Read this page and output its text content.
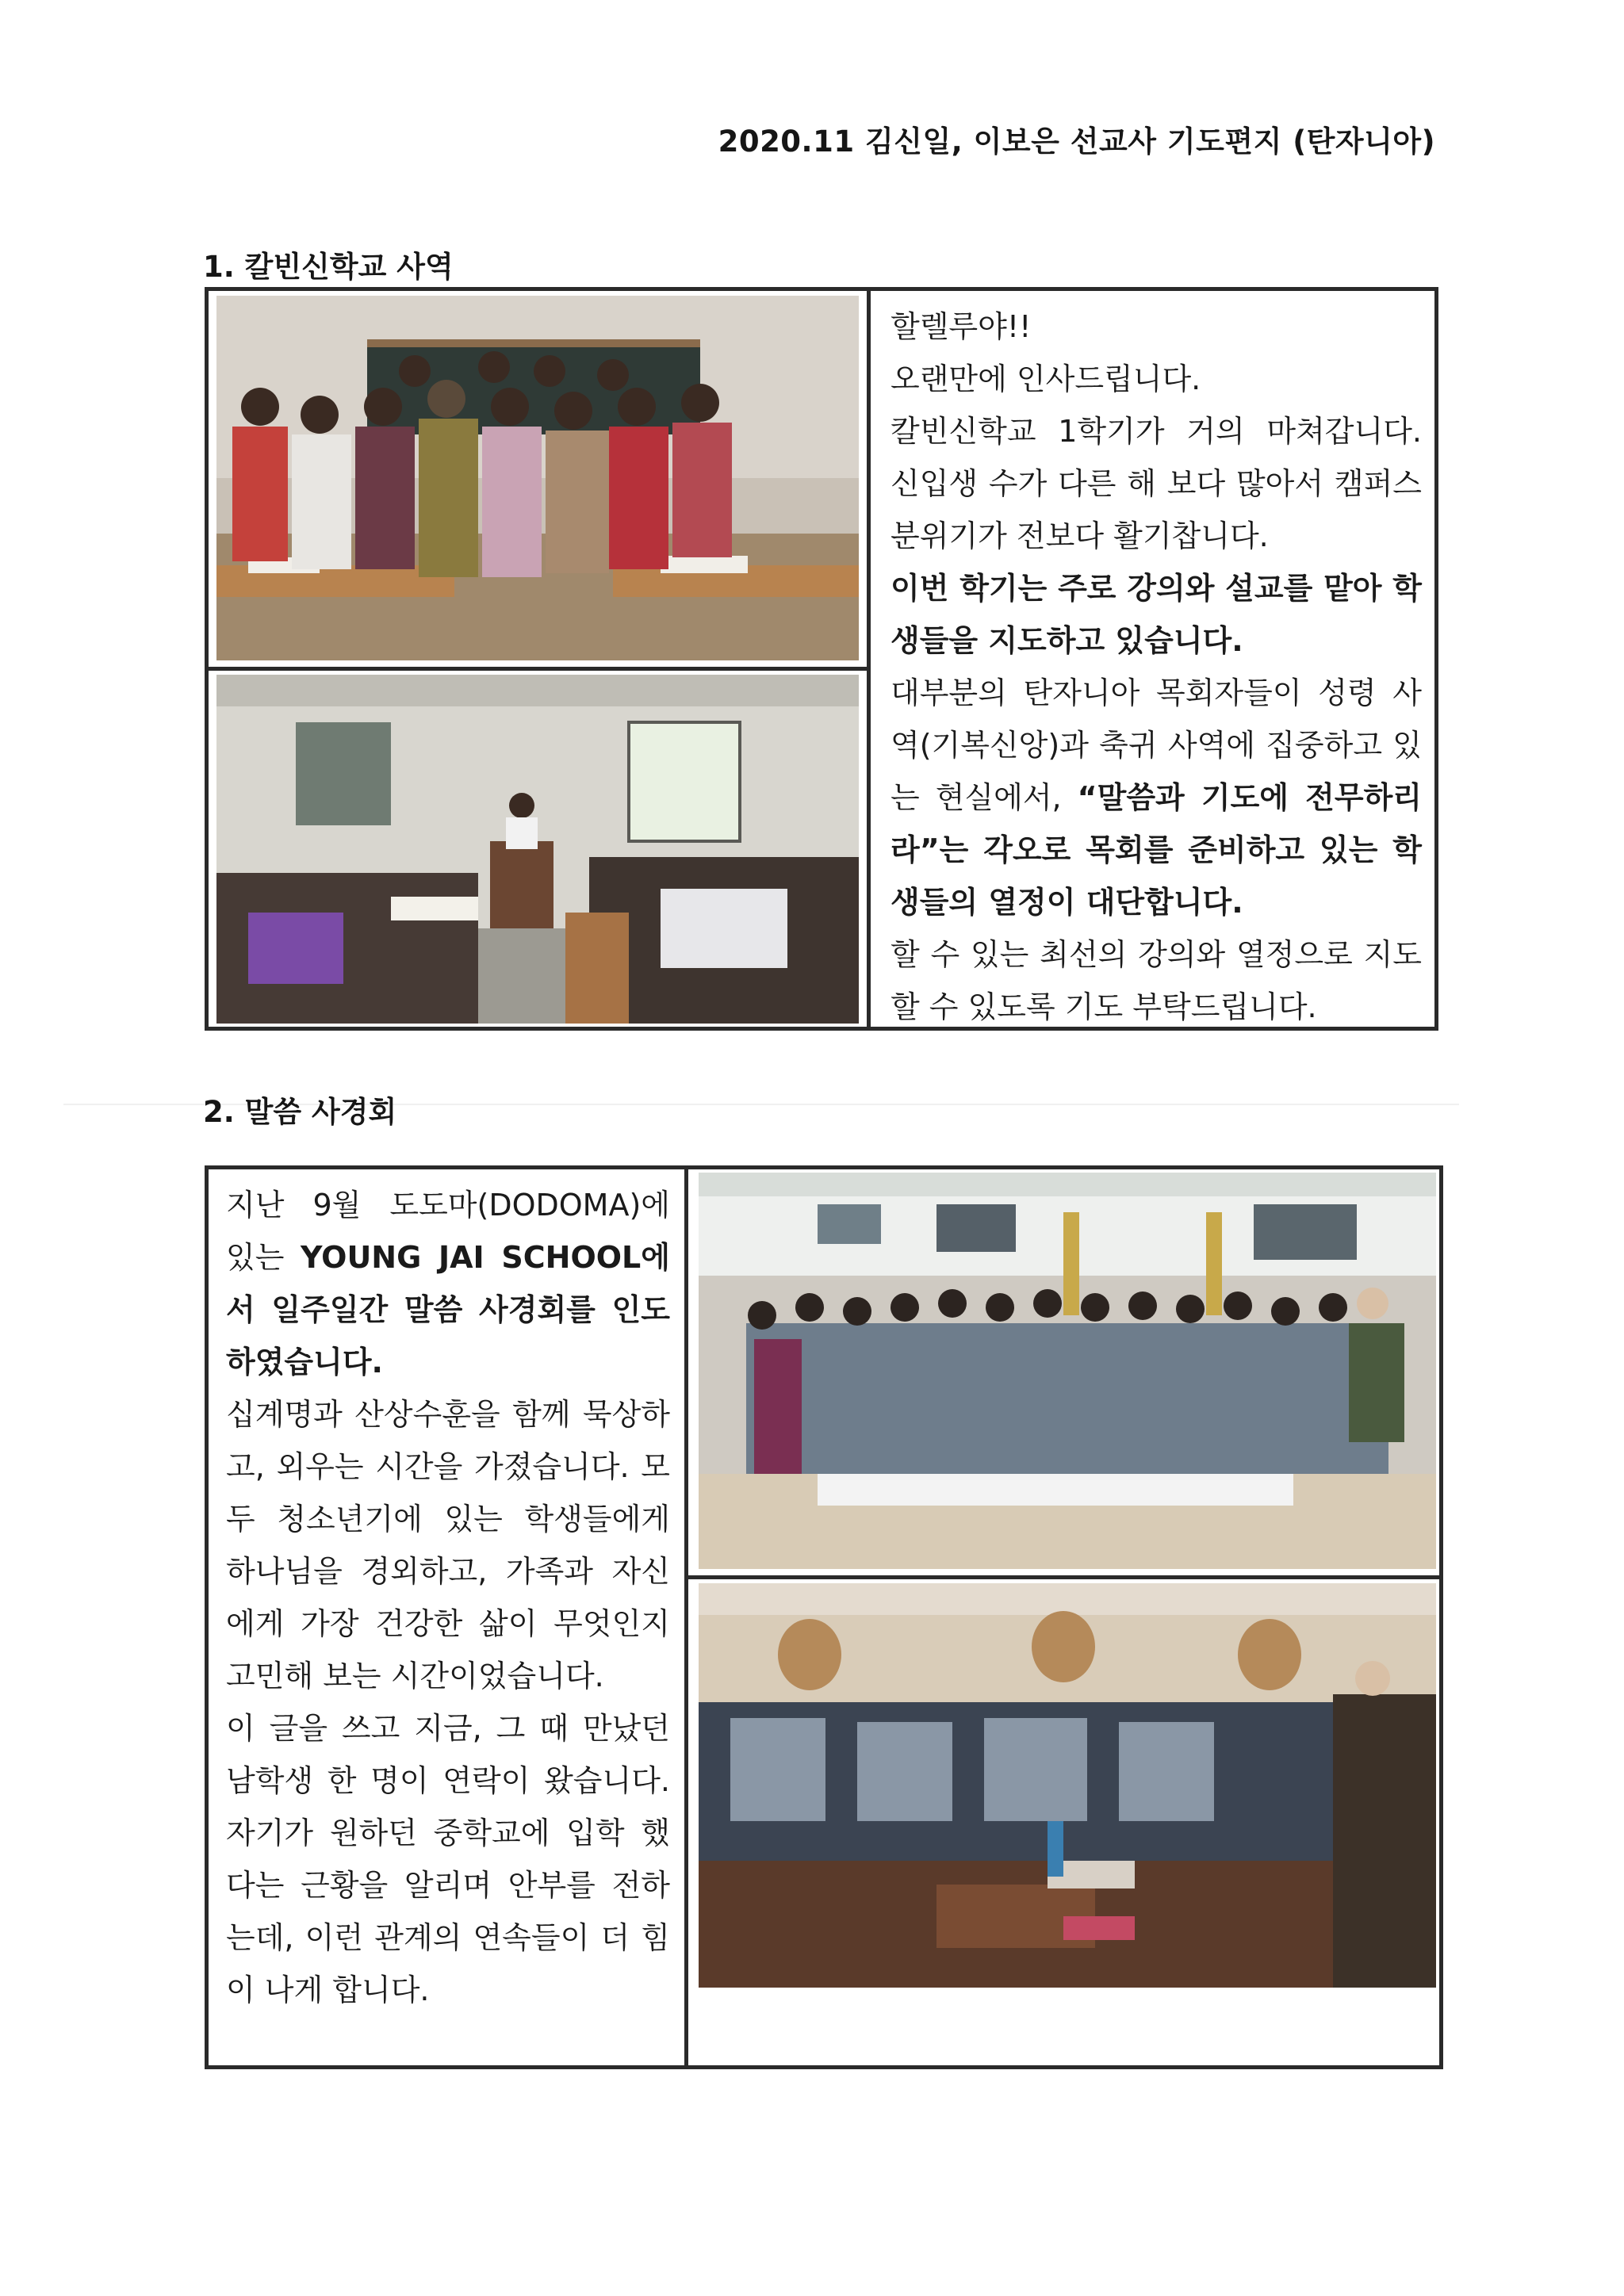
2020.11 김신일, 이보은 선교사 기도편지 (탄자니아)
1. 칼빈신학교 사역

할렐루야!!

오랜만에 인사드립니다.

칼빈신학교 1학기가 거의 마쳐갑니다. 신입생 수가 다른 해 보다 많아서 캠퍼스 분위기가 전보다 활기찹니다.

이번 학기는 주로 강의와 설교를 맡아 학생들을 지도하고 있습니다.

대부분의 탄자니아 목회자들이 성령 사역(기복신앙)과 축귀 사역에 집중하고 있는 현실에서, “말씀과 기도에 전무하리라”는 각오로 목회를 준비하고 있는 학생들의 열정이 대단합니다.

할 수 있는 최선의 강의와 열정으로 지도할 수 있도록 기도 부탁드립니다.

2. 말씀 사경회

지난 9월 도도마(DODOMA)에 있는 YOUNG JAI SCHOOL에서 일주일간 말씀 사경회를 인도하였습니다.

십계명과 산상수훈을 함께 묵상하고, 외우는 시간을 가졌습니다. 모두 청소년기에 있는 학생들에게 하나님을 경외하고, 가족과 자신에게 가장 건강한 삶이 무엇인지 고민해 보는 시간이었습니다.

이 글을 쓰고 지금, 그 때 만났던 남학생 한 명이 연락이 왔습니다. 자기가 원하던 중학교에 입학 했다는 근황을 알리며 안부를 전하는데, 이런 관계의 연속들이 더 힘이 나게 합니다.
